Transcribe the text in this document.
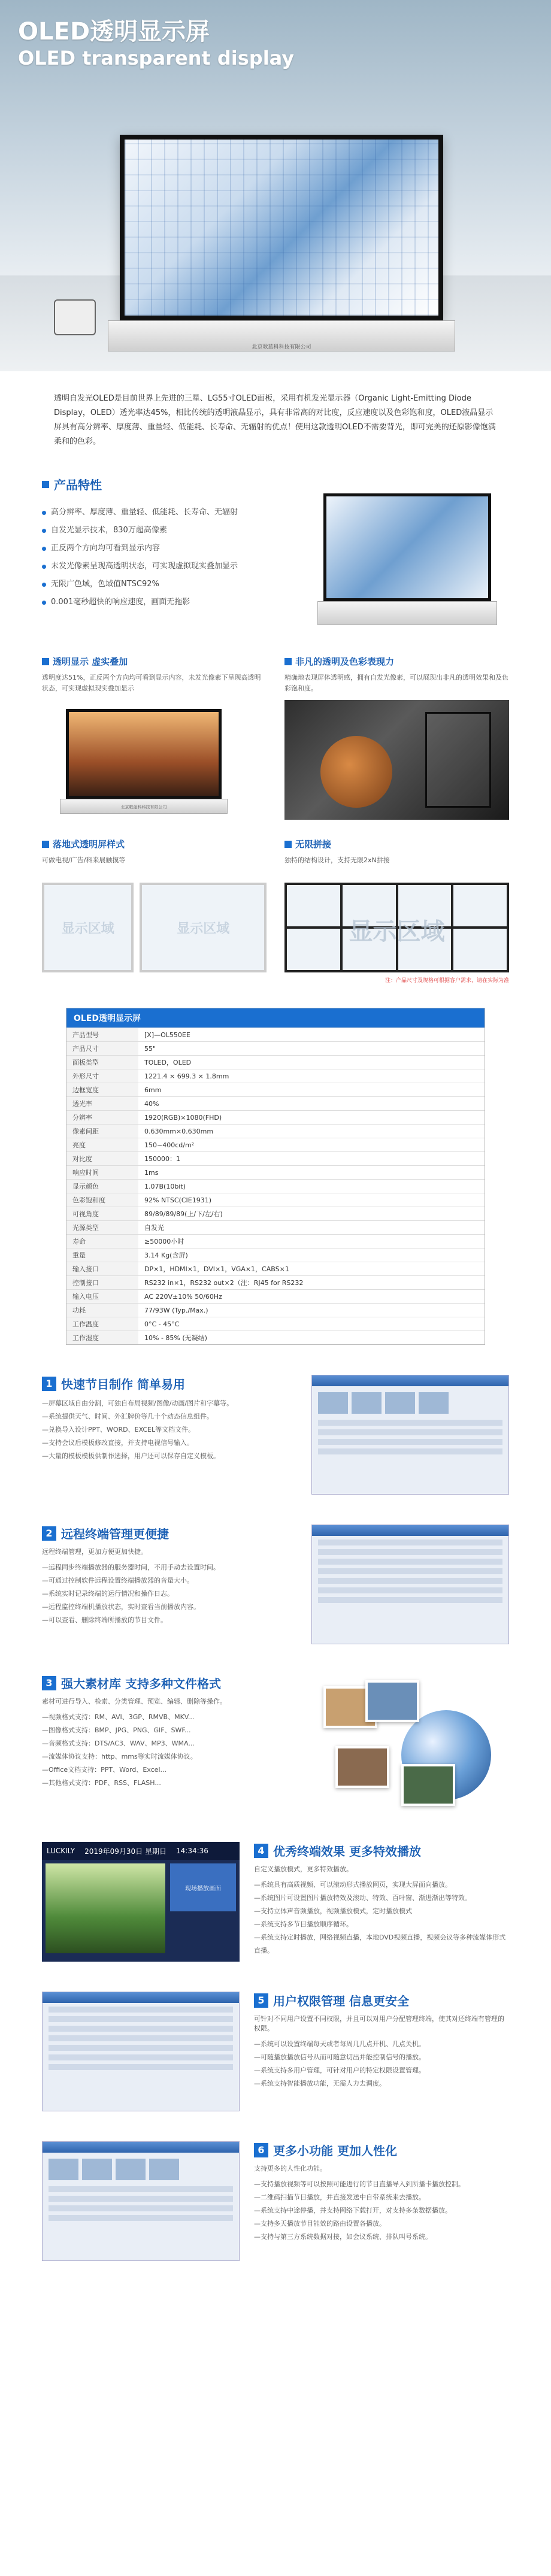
OLED透明显示屏
OLED transparent display
北京歌蓝科科技有限公司
透明自发光OLED是目前世界上先进的三星、LG55寸OLED面板，采用有机发光显示器（Organic Light-Emitting Diode Display，OLED）透光率达45%，相比传统的透明液晶显示，具有非常高的对比度，反应速度以及色彩饱和度，OLED液晶显示屏具有高分辨率、厚度薄、重量轻、低能耗、长寿命、无辐射的优点！使用这款透明OLED不需要背光，即可完美的还原影像饱满柔和的色彩。
产品特性
高分辨率、厚度薄、重量轻、低能耗、长寿命、无辐射
自发光显示技术，830万超高像素
正反两个方向均可看到显示内容
未发光像素呈现高透明状态，可实现虚拟现实叠加显示
无限广色域，色域值NTSC92%
0.001毫秒超快的响应速度，画面无拖影
透明显示 虚实叠加
透明度达51%，正反两个方向均可看到显示内容，未发光像素下呈现高透明状态，可实现虚拟现实叠加显示
北京歌蓝科科技有限公司
非凡的透明及色彩表现力
精确地表现屏体透明感，拥有自发光像素，可以展现出非凡的透明效果和及色彩饱和度。
落地式透明屏样式
可做电视/广告/科来展触摸等
显示区域	显示区域
无限拼接
独特的结构设计，支持无限2xN拼接
显示区域
注：产品尺寸及规格可根据客户需求，请在实际为准
OLED透明显示屏
产品型号	[X]—OL550EE
产品尺寸	55"
面板类型	TOLED，OLED
外形尺寸	1221.4 × 699.3 × 1.8mm
边框宽度	6mm
透光率	40%
分辨率	1920(RGB)×1080(FHD)
像素间距	0.630mm×0.630mm
亮度	150~400cd/m²
对比度	150000：1
响应时间	1ms
显示颜色	1.07B(10bit)
色彩饱和度	92% NTSC(CIE1931)
可视角度	89/89/89/89(上/下/左/右)
光源类型	自发光
寿命	≥50000小时
重量	3.14 Kg(含屏)
输入接口	DP×1，HDMI×1，DVI×1，VGA×1，CABS×1
控制接口	RS232 in×1，RS232 out×2（注：RJ45 for RS232
输入电压	AC 220V±10% 50/60Hz
功耗	77/93W (Typ./Max.)
工作温度	0°C - 45°C
工作湿度	10% - 85% (无凝结)
1 快速节目制作 简单易用
—屏幕区域自由分割，可独自布局视频/图像/动画/图片和字幕等。
—系统提供天气、时间、外汇牌价等几十个动态信息组件。
—兑换导入设计PPT、WORD、EXCEL等文档文件。
—支持会议后模板修改直接，并支持电视信号输入。
—大量的模板模板供制作选择，用户还可以保存自定义模板。
2 远程终端管理更便捷
远程终端管理，更加方便更加快捷。
—远程同步终端播放器的服务器时间，不用手动去设置时间。
—可通过控制软件远程设置终端播放器的音量大小。
—系统实时记录终端的运行情况和操作日志。
—远程监控终端机播放状态，实时查看当前播放内容。
—可以查看、删除终端所播放的节目文件。
3 强大素材库 支持多种文件格式
素材可进行导入、检索、分类管理、预览、编辑、删除等操作。
—视频格式支持：RM、AVI、3GP、RMVB、MKV...
—图像格式支持：BMP、JPG、PNG、GIF、SWF...
—音频格式支持：DTS/AC3、WAV、MP3、WMA...
—流媒体协议支持：http、mms等实时流媒体协议。
—Office文档支持：PPT、Word、Excel...
—其他格式支持：PDF、RSS、FLASH...
4 优秀终端效果 更多特效播放
自定义播放模式，更多特效播放。
—系统具有高质视频、可以滚动形式播放网页，实现大屏面向播放。
—系统图片可设置图片播放特效及滚动、特效、百叶窗、渐进渐出等特效。
—支持立体声音频播放，视频播放模式，定时播放模式
—系统支持多节目播放顺序循环。
—系统支持定时播放，网络视频直播，本地DVD视频直播，视频会议等多种流媒体形式直播。
LUCKILY 2019年09月30日 星期日 14:34:36
现场播放画面
5 用户权限管理 信息更安全
可针对不同用户设置不同权限，并且可以对用户分配管理终端，使其对还终端有管理的权限。
—系统可以设置终端每天或者每周几几点开机、几点关机。
—可随播放播放信号从而可随意切出并能控制信号的播放。
—系统支持多用户管理，可针对用户的特定权限设置管理。
—系统支持智能播放功能，无需人力去调度。
6 更多小功能 更加人性化
支持更多的人性化功能。
—支持播放视频等可以按照可能进行的节目直播导入到所播卡播放控制。
—二维码扫描节目播放，并直接发送中自带系统来去播放。
—系统支持中途停播，并支持网络下载打开，对支持多条数据播放。
—支持多天播放节目能效的路由设置各播放。
—支持与第三方系统数据对接，如会议系统、排队叫号系统。
